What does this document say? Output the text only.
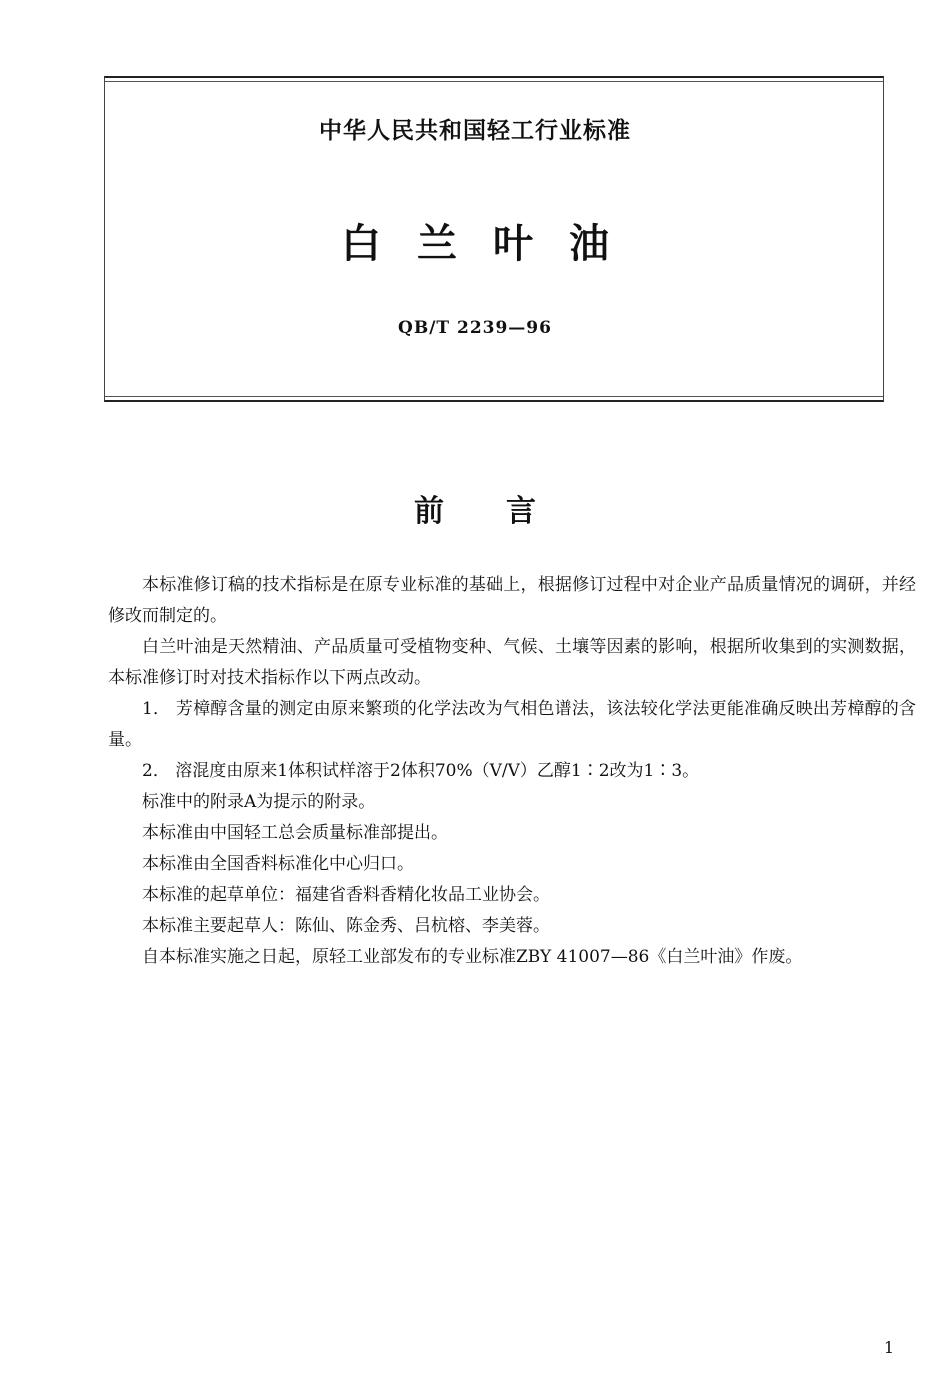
中华人民共和国轻工行业标准
白兰叶油
QB/T 2239—96
前言

本标准修订稿的技术指标是在原专业标准的基础上，根据修订过程中对企业产品质量情况的调研，并经修改而制定的。

白兰叶油是天然精油、产品质量可受植物变种、气候、土壤等因素的影响，根据所收集到的实测数据，本标准修订时对技术指标作以下两点改动。

1． 芳樟醇含量的测定由原来繁琐的化学法改为气相色谱法，该法较化学法更能准确反映出芳樟醇的含量。

2． 溶混度由原来1体积试样溶于2体积70%（V/V）乙醇1∶2改为1∶3。

标准中的附录A为提示的附录。

本标准由中国轻工总会质量标准部提出。

本标准由全国香料标准化中心归口。

本标准的起草单位：福建省香料香精化妆品工业协会。

本标准主要起草人：陈仙、陈金秀、吕杭榕、李美蓉。

自本标准实施之日起，原轻工业部发布的专业标准ZBY 41007—86《白兰叶油》作废。

1
